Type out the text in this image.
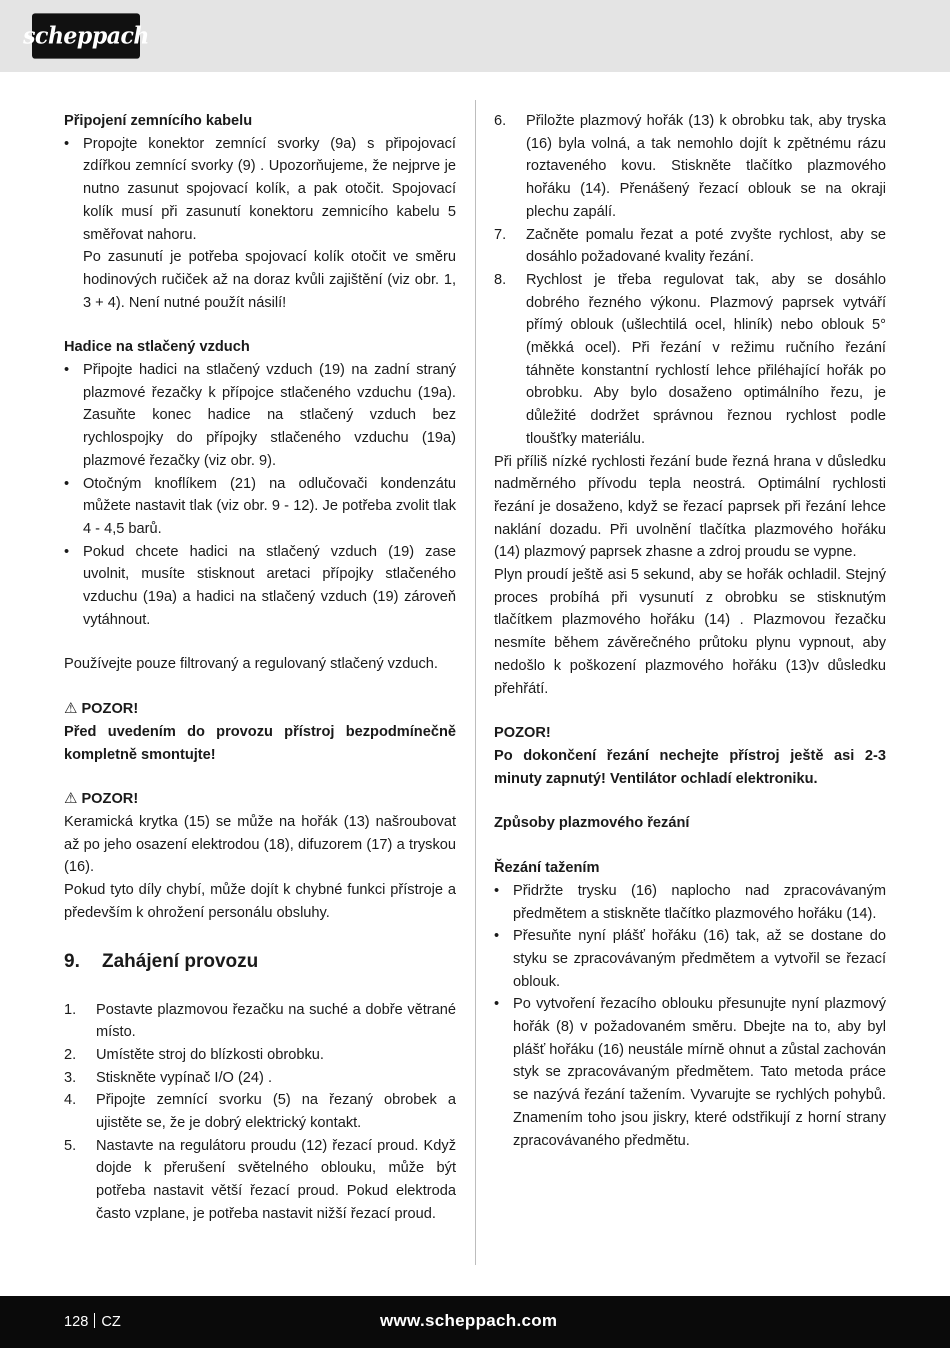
scheppach

Připojení zemnícího kabelu

• Propojte konektor zemnící svorky (9a) s připojovací zdířkou zemnící svorky (9) . Upozorňujeme, že nejprve je nutno zasunut spojovací kolík, a pak otočit. Spojovací kolík musí při zasunutí konektoru zemnicího kabelu 5 směřovat nahoru.

Po zasunutí je potřeba spojovací kolík otočit ve směru hodinových ručiček až na doraz kvůli zajištění (viz obr. 1, 3 + 4). Není nutné použít násilí!

Hadice na stlačený vzduch

• Připojte hadici na stlačený vzduch (19) na zadní straný plazmové řezačky k přípojce stlačeného vzduchu (19a). Zasuňte konec hadice na stlačený vzduch bez rychlospojky do přípojky stlačeného vzduchu (19a) plazmové řezačky (viz obr. 9).
• Otočným knoflíkem (21) na odlučovači kondenzátu můžete nastavit tlak (viz obr. 9 - 12). Je potřeba zvolit tlak 4 - 4,5 barů.
• Pokud chcete hadici na stlačený vzduch (19) zase uvolnit, musíte stisknout aretaci přípojky stlačeného vzduchu (19a) a hadici na stlačený vzduch (19) zároveň vytáhnout.

Používejte pouze filtrovaný a regulovaný stlačený vzduch.

⚠ POZOR!

Před uvedením do provozu přístroj bezpodmínečně kompletně smontujte!

⚠ POZOR!

Keramická krytka (15) se může na hořák (13) našroubovat až po jeho osazení elektrodou (18), difuzorem (17) a tryskou (16).

Pokud tyto díly chybí, může dojít k chybné funkci přístroje a především k ohrožení personálu obsluhy.

9. Zahájení provozu

1. Postavte plazmovou řezačku na suché a dobře větrané místo.
2. Umístěte stroj do blízkosti obrobku.
3. Stiskněte vypínač I/O (24) .
4. Připojte zemnící svorku (5) na řezaný obrobek a ujistěte se, že je dobrý elektrický kontakt.
5. Nastavte na regulátoru proudu (12) řezací proud. Když dojde k přerušení světelného oblouku, může být potřeba nastavit větší řezací proud. Pokud elektroda často vzplane, je potřeba nastavit nižší řezací proud.
6. Přiložte plazmový hořák (13) k obrobku tak, aby tryska (16) byla volná, a tak nemohlo dojít k zpětnému rázu roztaveného kovu. Stiskněte tlačítko plazmového hořáku (14). Přenášený řezací oblouk se na okraji plechu zapálí.
7. Začněte pomalu řezat a poté zvyšte rychlost, aby se dosáhlo požadované kvality řezání.
8. Rychlost je třeba regulovat tak, aby se dosáhlo dobrého řezného výkonu. Plazmový paprsek vytváří přímý oblouk (ušlechtilá ocel, hliník) nebo oblouk 5° (měkká ocel). Při řezání v režimu ručního řezání táhněte konstantní rychlostí lehce přiléhající hořák po obrobku. Aby bylo dosaženo optimálního řezu, je důležité dodržet správnou řeznou rychlost podle tloušťky materiálu.

Při příliš nízké rychlosti řezání bude řezná hrana v důsledku nadměrného přívodu tepla neostrá. Optimální rychlosti řezání je dosaženo, když se řezací paprsek při řezání lehce naklání dozadu. Při uvolnění tlačítka plazmového hořáku (14) plazmový paprsek zhasne a zdroj proudu se vypne.

Plyn proudí ještě asi 5 sekund, aby se hořák ochladil. Stejný proces probíhá při vysunutí z obrobku se stisknutým tlačítkem plazmového hořáku (14) . Plazmovou řezačku nesmíte během závěrečného průtoku plynu vypnout, aby nedošlo k poškození plazmového hořáku (13)v důsledku přehřátí.

POZOR!

Po dokončení řezání nechejte přístroj ještě asi 2-3 minuty zapnutý! Ventilátor ochladí elektroniku.

Způsoby plazmového řezání

Řezání tažením

• Přidržte trysku (16) naplocho nad zpracovávaným předmětem a stiskněte tlačítko plazmového hořáku (14).
• Přesuňte nyní plášť hořáku (16) tak, až se dostane do styku se zpracovávaným předmětem a vytvořil se řezací oblouk.
• Po vytvoření řezacího oblouku přesunujte nyní plazmový hořák (8) v požadovaném směru. Dbejte na to, aby byl plášť hořáku (16) neustále mírně ohnut a zůstal zachován styk se zpracovávaným předmětem. Tato metoda práce se nazývá řezání tažením. Vyvarujte se rychlých pohybů. Znamením toho jsou jiskry, které odstřikují z horní strany zpracovávaného předmětu.
128 CZ	www.scheppach.com
